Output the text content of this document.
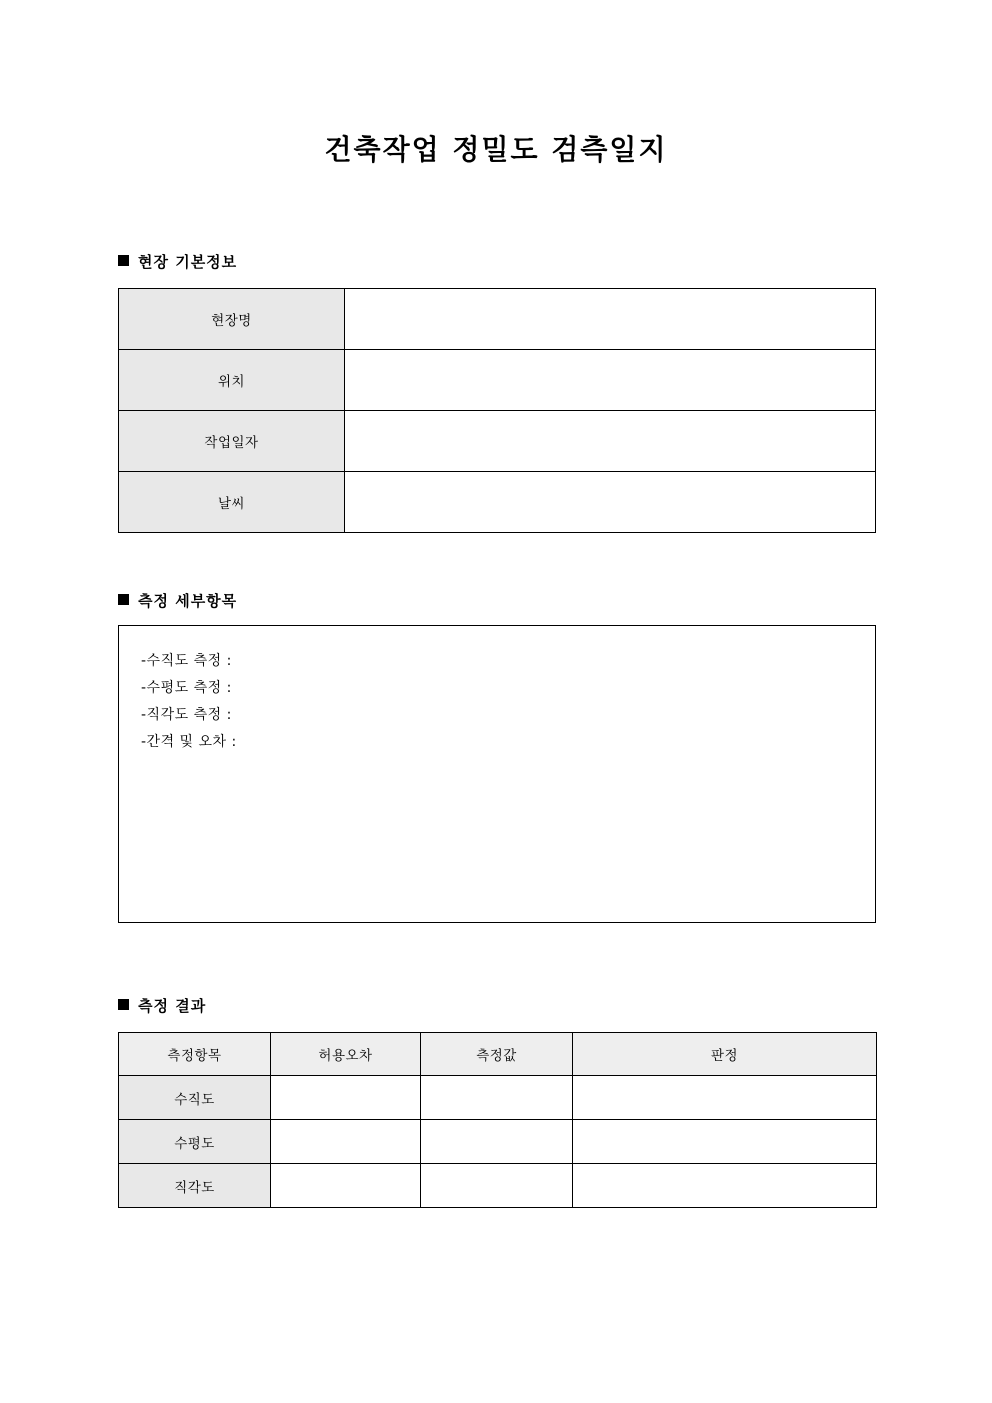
건축작업 정밀도 검측일지
현장 기본정보
현장명	
위치	
작업일자	
날씨	
측정 세부항목
-수직도 측정 :
-수평도 측정 :
-직각도 측정 :
-간격 및 오차 :
측정 결과
측정항목	허용오차	측정값	판정
수직도			
수평도			
직각도			
